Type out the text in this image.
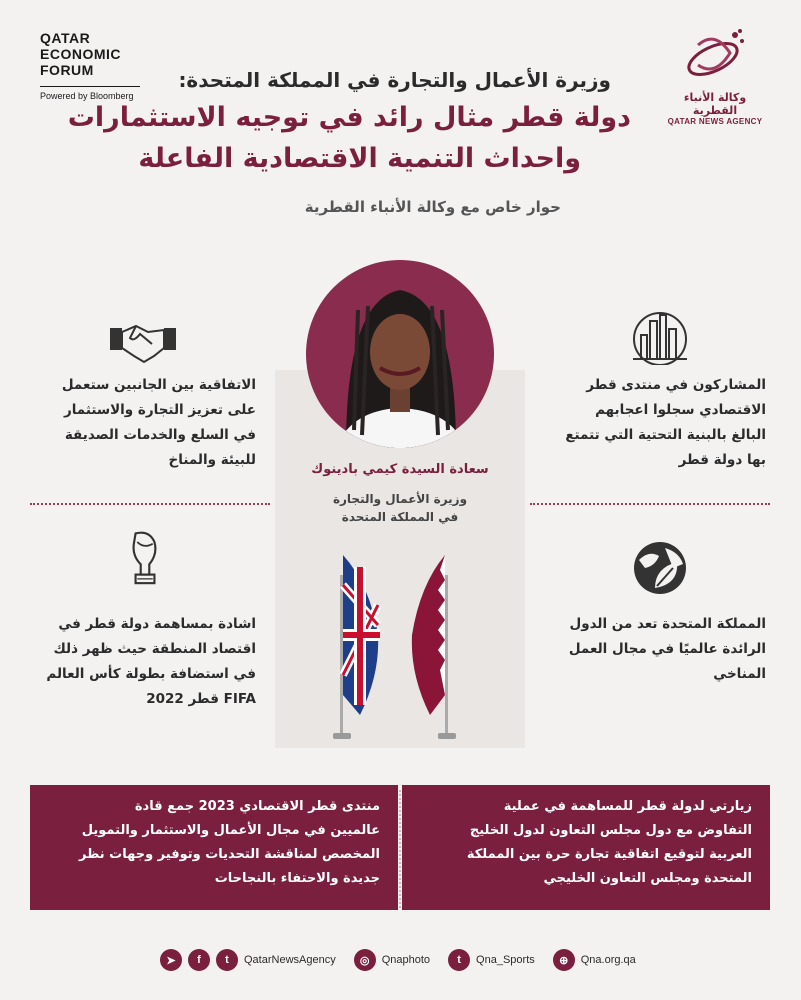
QATAR
ECONOMIC
FORUM
Powered by Bloomberg	وكالة الأنباء القطرية
QATAR NEWS AGENCY
وزيرة الأعمال والتجارة في المملكة المتحدة:
دولة قطر مثال رائد في توجيه الاستثمارات
واحداث التنمية الاقتصادية الفاعلة
حوار خاص مع وكالة الأنباء القطرية
سعادة السيدة كيمي بادينوك
وزيرة الأعمال والتجارة
في المملكة المتحدة
الاتفاقية بين الجانبين ستعمل
على تعزيز التجارة والاستثمار
في السلع والخدمات الصديقة
للبيئة والمناخ
المشاركون في منتدى قطر
الاقتصادي سجلوا اعجابهم
البالغ بالبنية التحتية التي تتمتع
بها دولة قطر
اشادة بمساهمة دولة قطر في
اقتصاد المنطقة حيث ظهر ذلك
في استضافة بطولة كأس العالم
FIFA قطر 2022
المملكة المتحدة تعد من الدول
الرائدة عالميًا في مجال العمل
المناخي
منتدى قطر الاقتصادي 2023 جمع قادة
عالميين في مجال الأعمال والاستثمار والتمويل
المخصص لمناقشة التحديات وتوفير وجهات نظر
جديدة والاحتفاء بالنجاحات
زيارتي لدولة قطر للمساهمة في عملية
التفاوض مع دول مجلس التعاون لدول الخليج
العربية لتوقيع اتفاقية تجارة حرة بين المملكة
المتحدة ومجلس التعاون الخليجي
➤	f	t	QatarNewsAgency	◎	Qnaphoto	t	Qna_Sports	⊕	Qna.org.qa
